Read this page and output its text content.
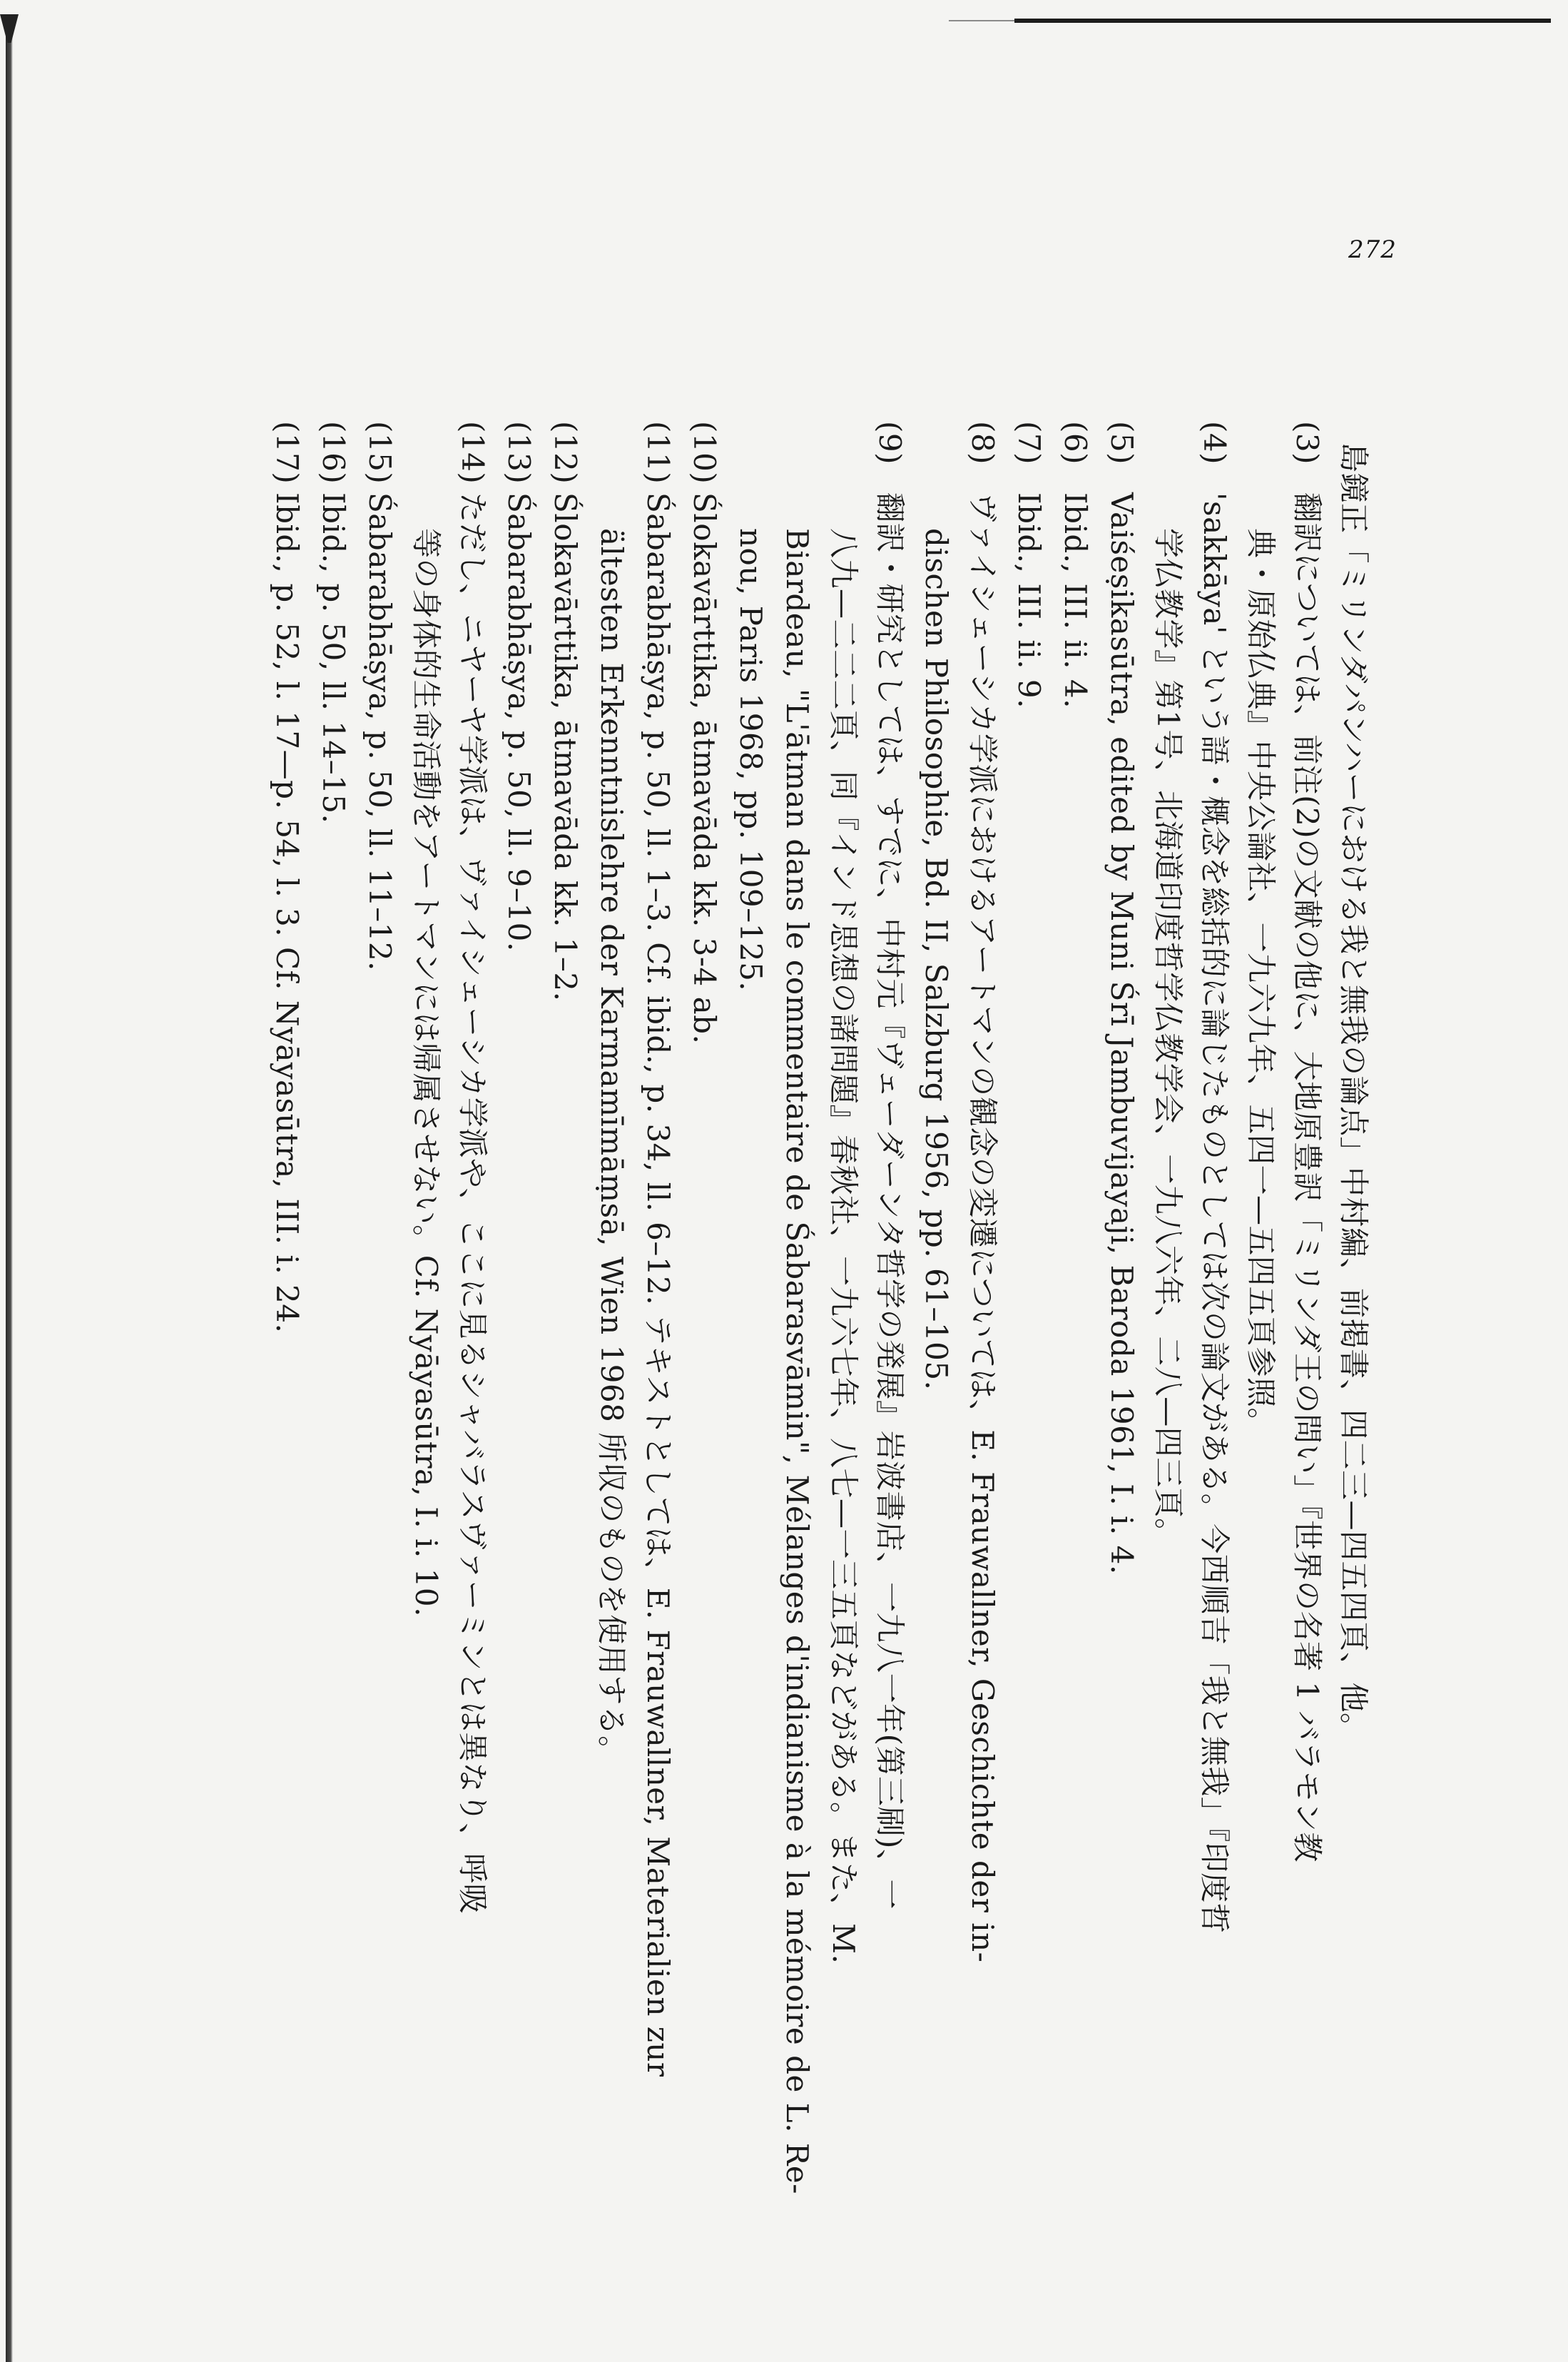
272
島鏡正「ミリンダパンハーにおける我と無我の論点」中村編、前掲書、四二三—四五四頁、他。
(3)
翻訳については、前注(2)の文献の他に、大地原豊訳「ミリンダ王の問い」『世界の名著 1 バラモン教
典・原始仏典』中央公論社、一九六九年、五四一—五四五頁参照。
(4)
'sakkāya' という語・概念を総括的に論じたものとしては次の論文がある。今西順吉「我と無我」『印度哲
学仏教学』第1号、北海道印度哲学仏教学会、一九八六年、二八—四三頁。
(5)
Vaiśeṣikasūtra, edited by Muni Śrī Jambuvijayaji, Baroda 1961, I. i. 4.
(6)
Ibid., III. ii. 4.
(7)
Ibid., III. ii. 9.
(8)
ヴァイシェーシカ学派におけるアートマンの観念の変遷については、E. Frauwallner, Geschichte der in-
dischen Philosophie, Bd. II, Salzburg 1956, pp. 61–105.
(9)
翻訳・研究としては、すでに、中村元『ヴェーダーンタ哲学の発展』岩波書店、一九八一年(第三刷)、一
八九—二二二頁、同『インド思想の諸問題』春秋社、一九六七年、八七—一三五頁などがある。また、M.
Biardeau, "L'ātman dans le commentaire de Śabarasvāmin", Mélanges d'indianisme à la mémoire de L. Re-
nou, Paris 1968, pp. 109–125.
(10)
Ślokavārttika, ātmavāda kk. 3-4 ab.
(11)
Śabarabhāṣya, p. 50, ll. 1–3. Cf. ibid., p. 34, ll. 6–12. テキストとしては、E. Frauwallner, Materialien zur
ältesten Erkenntnislehre der Karmamīmāṃsā, Wien 1968 所収のものを使用する。
(12)
Ślokavārttika, ātmavāda kk. 1–2.
(13)
Śabarabhāṣya, p. 50, ll. 9–10.
(14)
ただし、ニヤーヤ学派は、ヴァイシェーシカ学派や、ここに見るシャバラスヴァーミンとは異なり、呼吸
等の身体的生命活動をアートマンには帰属させない。Cf. Nyāyasūtra, I. i. 10.
(15)
Śabarabhāṣya, p. 50, ll. 11–12.
(16)
Ibid., p. 50, ll. 14–15.
(17)
Ibid., p. 52, l. 17—p. 54, l. 3. Cf. Nyāyasūtra, III. i. 24.
